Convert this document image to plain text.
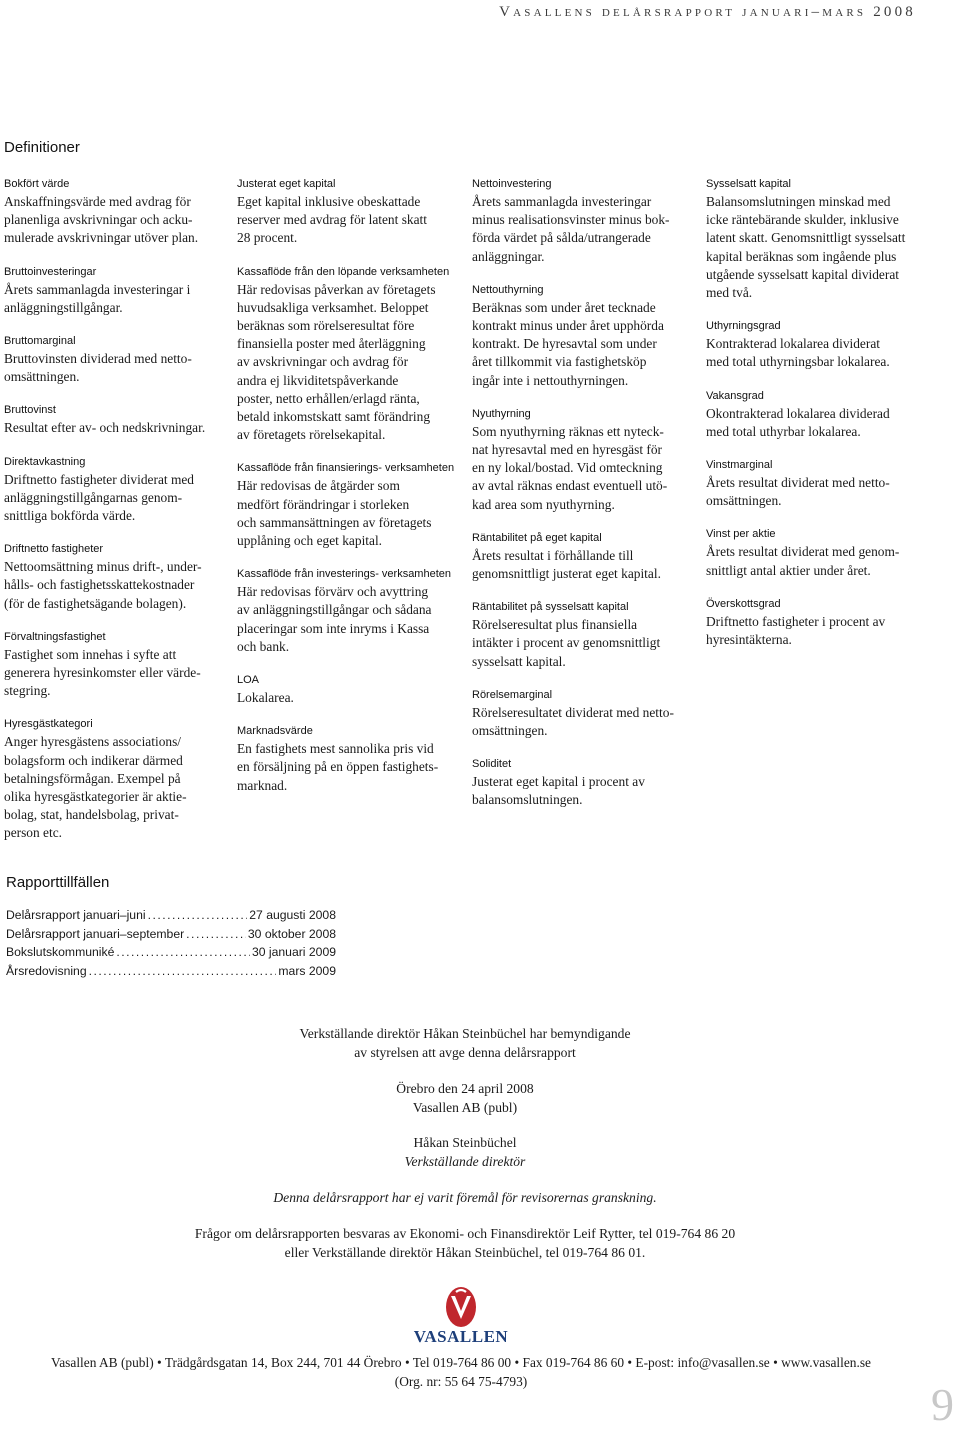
Vasallens delårsrapport januari–mars 2008
Definitioner
Bokfört värde
Anskaffningsvärde med avdrag för
planenliga avskrivningar och acku-
mulerade avskrivningar utöver plan.
Bruttoinvesteringar
Årets sammanlagda investeringar i
anläggningstillgångar.
Bruttomarginal
Bruttovinsten dividerad med netto-
omsättningen.
Bruttovinst
Resultat efter av- och nedskrivningar.
Direktavkastning
Driftnetto fastigheter dividerat med
anläggningstillgångarnas genom-
snittliga bokförda värde.
Driftnetto fastigheter
Nettoomsättning minus drift-, under-
hålls- och fastighetsskattekostnader
(för de fastighetsägande bolagen).
Förvaltningsfastighet
Fastighet som innehas i syfte att
generera hyresinkomster eller värde-
stegring.
Hyresgästkategori
Anger hyresgästens associations/
bolagsform och indikerar därmed
betalningsförmågan. Exempel på
olika hyresgästkategorier är aktie-
bolag, stat, handelsbolag, privat-
person etc.
Justerat eget kapital
Eget kapital inklusive obeskattade
reserver med avdrag för latent skatt
28 procent.
Kassaflöde från den löpande verksamheten
Här redovisas påverkan av företagets
huvudsakliga verksamhet. Beloppet
beräknas som rörelseresultat före
finansiella poster med återläggning
av avskrivningar och avdrag för
andra ej likviditetspåverkande
poster, netto erhållen/erlagd ränta,
betald inkomstskatt samt förändring
av företagets rörelsekapital.
Kassaflöde från finansierings- verksamheten
Här redovisas de åtgärder som
medfört förändringar i storleken
och sammansättningen av företagets
upplåning och eget kapital.
Kassaflöde från investerings- verksamheten
Här redovisas förvärv och avyttring
av anläggningstillgångar och sådana
placeringar som inte inryms i Kassa
och bank.
LOA
Lokalarea.
Marknadsvärde
En fastighets mest sannolika pris vid
en försäljning på en öppen fastighets-
marknad.
Nettoinvestering
Årets sammanlagda investeringar
minus realisationsvinster minus bok-
förda värdet på sålda/utrangerade
anläggningar.
Nettouthyrning
Beräknas som under året tecknade
kontrakt minus under året upphörda
kontrakt. De hyresavtal som under
året tillkommit via fastighetsköp
ingår inte i nettouthyrningen.
Nyuthyrning
Som nyuthyrning räknas ett nyteck-
nat hyresavtal med en hyresgäst för
en ny lokal/bostad. Vid omteckning
av avtal räknas endast eventuell utö-
kad area som nyuthyrning.
Räntabilitet på eget kapital
Årets resultat i förhållande till
genomsnittligt justerat eget kapital.
Räntabilitet på sysselsatt kapital
Rörelseresultat plus finansiella
intäkter i procent av genomsnittligt
sysselsatt kapital.
Rörelsemarginal
Rörelseresultatet dividerat med netto-
omsättningen.
Soliditet
Justerat eget kapital i procent av
balansomslutningen.
Sysselsatt kapital
Balansomslutningen minskad med
icke räntebärande skulder, inklusive
latent skatt. Genomsnittligt sysselsatt
kapital beräknas som ingående plus
utgående sysselsatt kapital dividerat
med två.
Uthyrningsgrad
Kontrakterad lokalarea dividerat
med total uthyrningsbar lokalarea.
Vakansgrad
Okontrakterad lokalarea dividerad
med total uthyrbar lokalarea.
Vinstmarginal
Årets resultat dividerat med netto-
omsättningen.
Vinst per aktie
Årets resultat dividerat med genom-
snittligt antal aktier under året.
Överskottsgrad
Driftnetto fastigheter i procent av
hyresintäkterna.
Rapporttillfällen
Delårsrapport januari–juni .....	27 augusti 2008
Delårsrapport januari–september .....	30 oktober 2008
Bokslutskommuniké .....	30 januari 2009
Årsredovisning .....	mars 2009
Verkställande direktör Håkan Steinbüchel har bemyndigande
av styrelsen att avge denna delårsrapport
Örebro den 24 april 2008
Vasallen AB (publ)
Håkan Steinbüchel
Verkställande direktör
Denna delårsrapport har ej varit föremål för revisorernas granskning.
Frågor om delårsrapporten besvaras av Ekonomi- och Finansdirektör Leif Rytter, tel 019-764 86 20
eller Verkställande direktör Håkan Steinbüchel, tel 019-764 86 01.
VASALLEN
Vasallen AB (publ) • Trädgårdsgatan 14, Box 244, 701 44 Örebro • Tel 019-764 86 00 • Fax 019-764 86 60 • E-post: info@vasallen.se • www.vasallen.se
(Org. nr: 55 64 75-4793)	9
